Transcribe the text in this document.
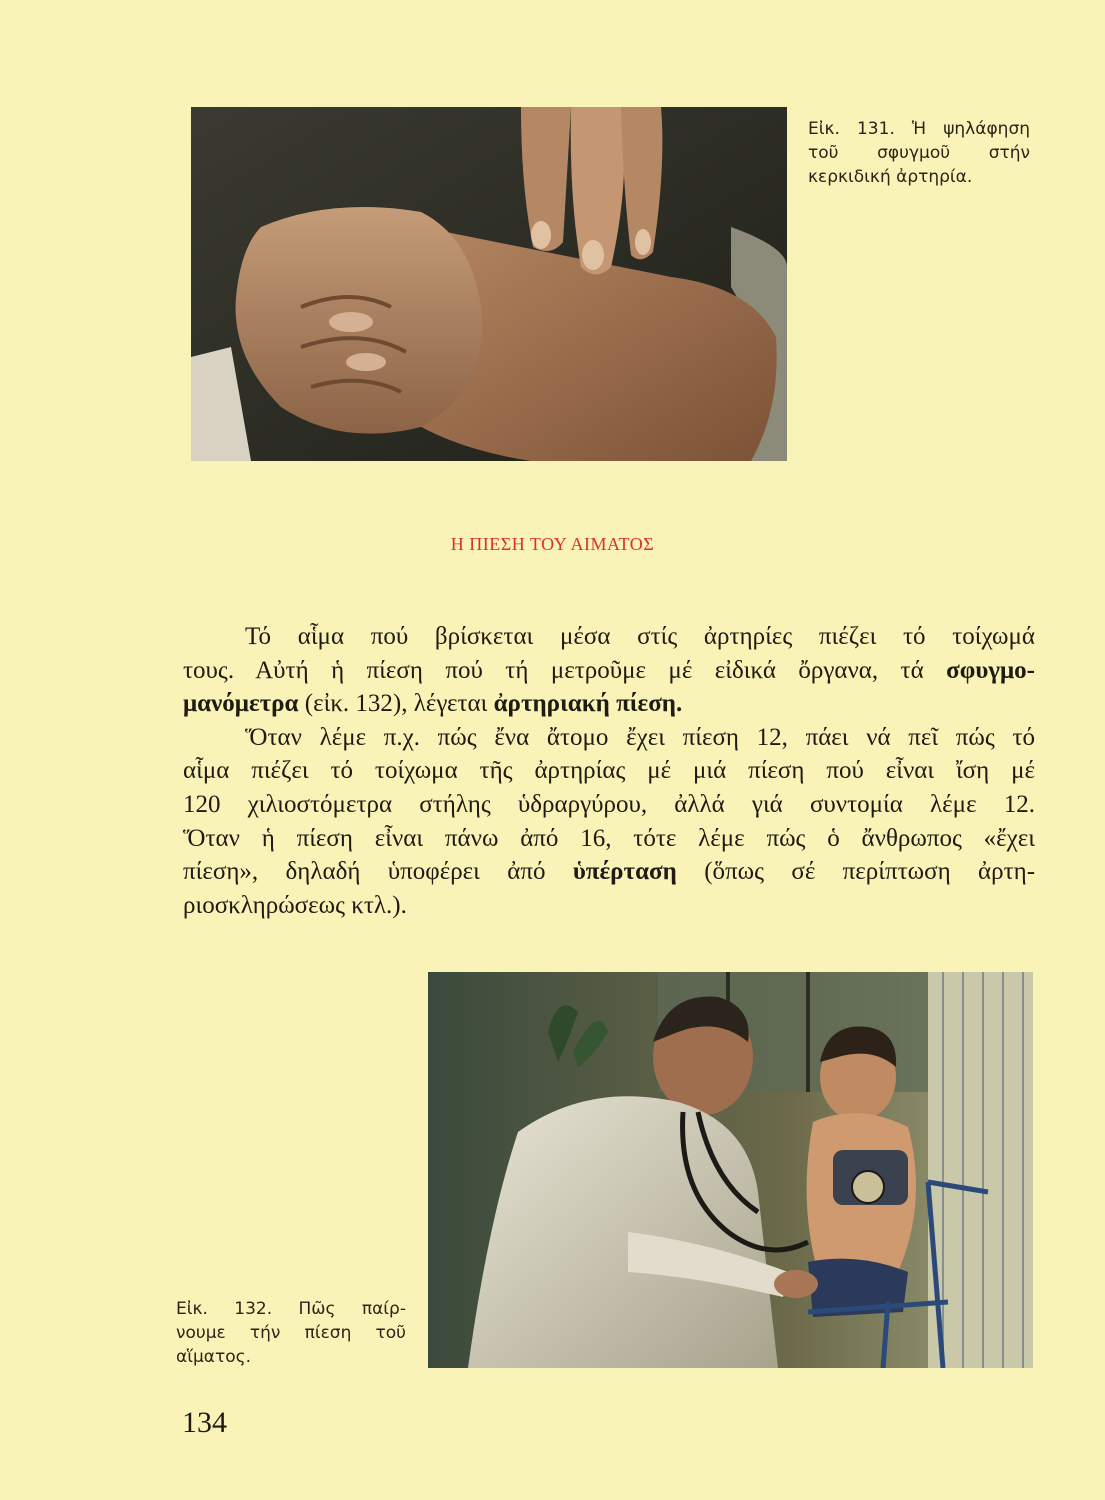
Εἰκ. 131. Ἡ ψηλάφηση
τοῦ σφυγμοῦ στήν
κερκιδική ἀρτηρία.
Η ΠΙΕΣΗ ΤΟΥ ΑΙΜΑΤΟΣ
Τό αἷμα πού βρίσκεται μέσα στίς ἀρτηρίες πιέζει τό τοίχωμά
τους. Αὐτή ἡ πίεση πού τή μετροῦμε μέ εἰδικά ὄργανα, τά σφυγμο-
μανόμετρα (εἰκ. 132), λέγεται ἀρτηριακή πίεση.
Ὅταν λέμε π.χ. πώς ἔνα ἄτομο ἔχει πίεση 12, πάει νά πεῖ πώς τό
αἷμα πιέζει τό τοίχωμα τῆς ἀρτηρίας μέ μιά πίεση πού εἶναι ἴση μέ
120 χιλιοστόμετρα στήλης ὑδραργύρου, ἀλλά γιά συντομία λέμε 12.
Ὅταν ἡ πίεση εἶναι πάνω ἀπό 16, τότε λέμε πώς ὁ ἄνθρωπος «ἔχει
πίεση», δηλαδή ὑποφέρει ἀπό ὑπέρταση (ὅπως σέ περίπτωση ἀρτη-
ριοσκληρώσεως κτλ.).
Εἰκ. 132. Πῶς παίρ-
νουμε τήν πίεση τοῦ
αἵματος.
134
